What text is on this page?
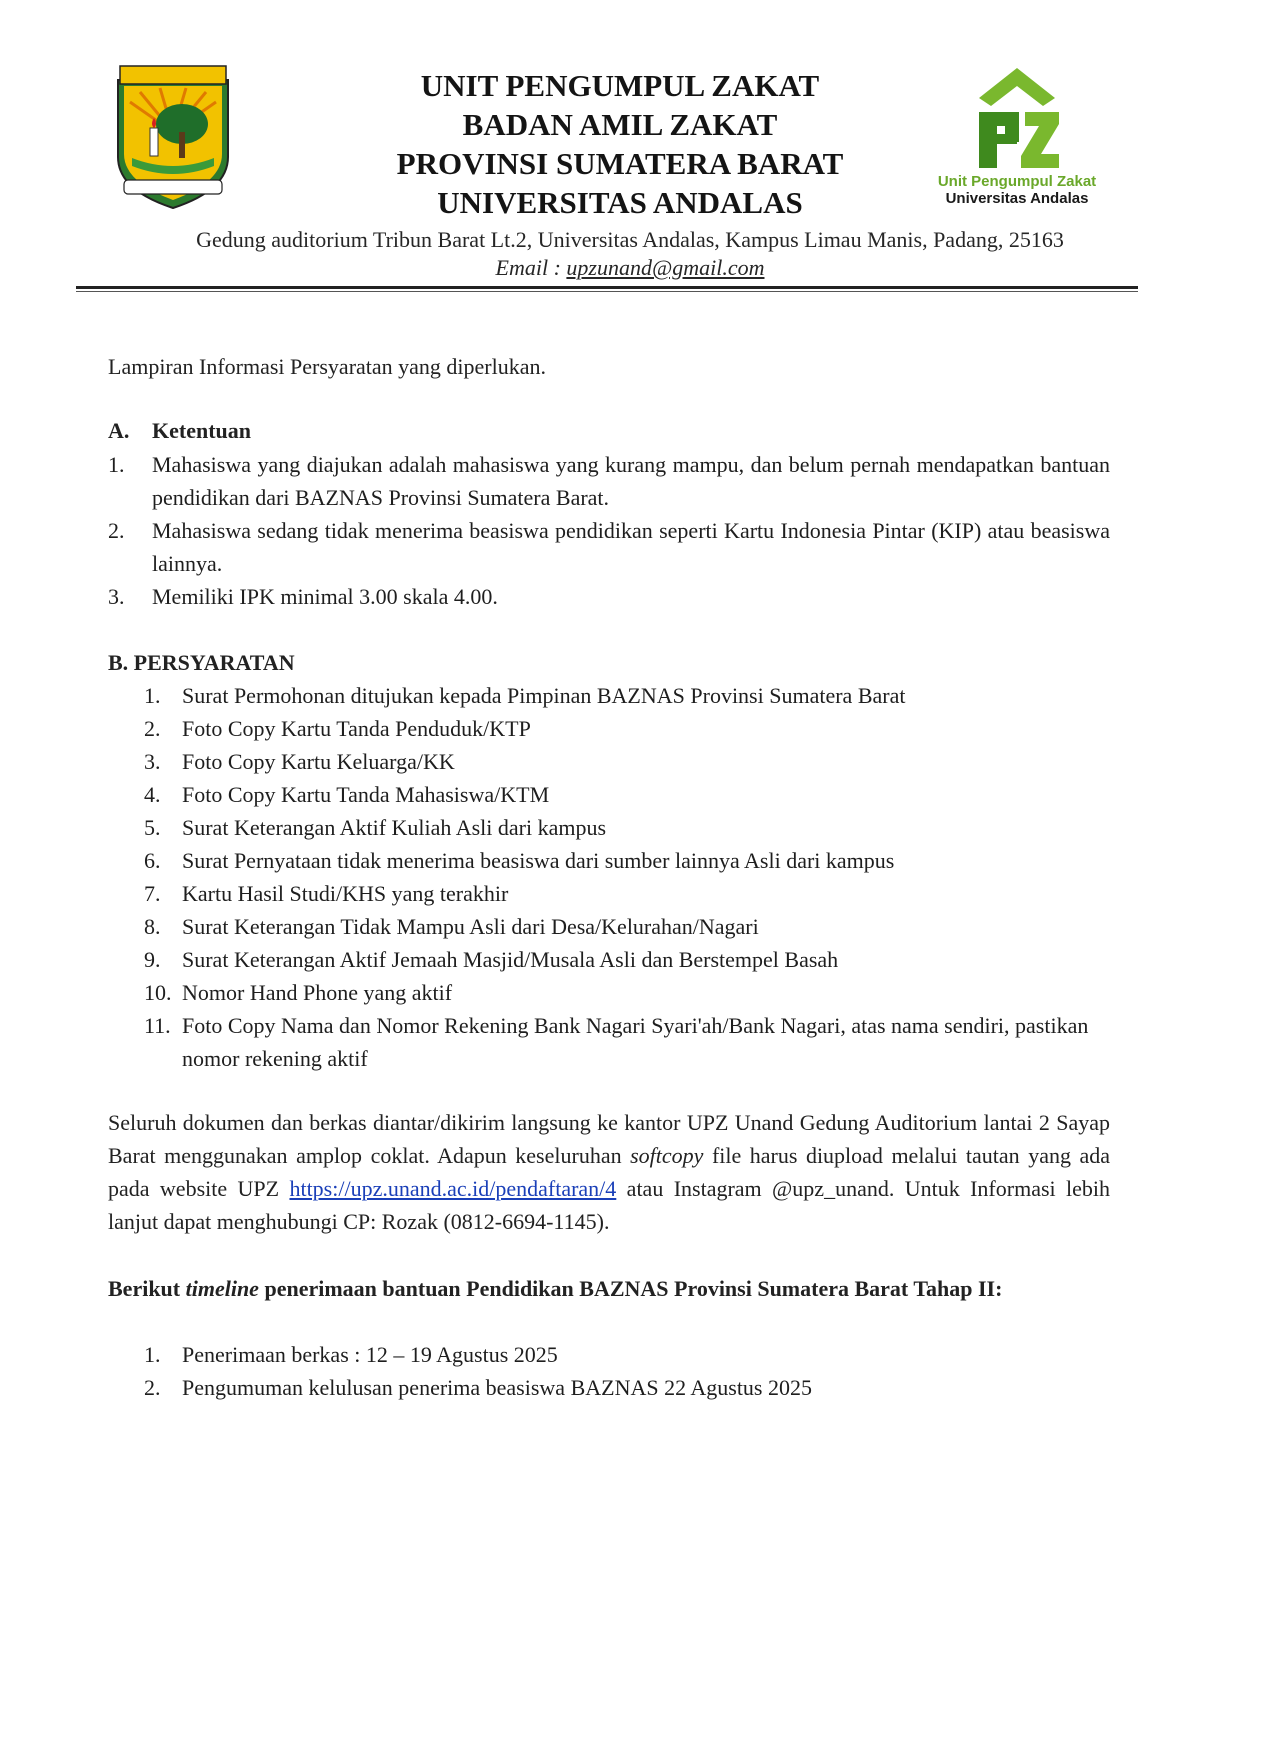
UNIT PENGUMPUL ZAKAT
BADAN AMIL ZAKAT
PROVINSI SUMATERA BARAT
UNIVERSITAS ANDALAS
Unit Pengumpul Zakat
Universitas Andalas
Gedung auditorium Tribun Barat Lt.2, Universitas Andalas, Kampus Limau Manis, Padang, 25163
Email : upzunand@gmail.com
Lampiran Informasi Persyaratan yang diperlukan.
A. Ketentuan
1.	Mahasiswa yang diajukan adalah mahasiswa yang kurang mampu, dan belum pernah mendapatkan bantuan pendidikan dari BAZNAS Provinsi Sumatera Barat.
2.	Mahasiswa sedang tidak menerima beasiswa pendidikan seperti Kartu Indonesia Pintar (KIP) atau beasiswa lainnya.
3.	Memiliki IPK minimal 3.00 skala 4.00.
B. PERSYARATAN
1. Surat Permohonan ditujukan kepada Pimpinan BAZNAS Provinsi Sumatera Barat
2. Foto Copy Kartu Tanda Penduduk/KTP
3. Foto Copy Kartu Keluarga/KK
4. Foto Copy Kartu Tanda Mahasiswa/KTM
5. Surat Keterangan Aktif Kuliah Asli dari kampus
6. Surat Pernyataan tidak menerima beasiswa dari sumber lainnya Asli dari kampus
7. Kartu Hasil Studi/KHS yang terakhir
8. Surat Keterangan Tidak Mampu Asli dari Desa/Kelurahan/Nagari
9. Surat Keterangan Aktif Jemaah Masjid/Musala Asli dan Berstempel Basah
10. Nomor Hand Phone yang aktif
11. Foto Copy Nama dan Nomor Rekening Bank Nagari Syari'ah/Bank Nagari, atas nama sendiri, pastikan nomor rekening aktif
Seluruh dokumen dan berkas diantar/dikirim langsung ke kantor UPZ Unand Gedung Auditorium lantai 2 Sayap Barat menggunakan amplop coklat. Adapun keseluruhan softcopy file harus diupload melalui tautan yang ada pada website UPZ https://upz.unand.ac.id/pendaftaran/4 atau Instagram @upz_unand. Untuk Informasi lebih lanjut dapat menghubungi CP: Rozak (0812-6694-1145).
Berikut timeline penerimaan bantuan Pendidikan BAZNAS Provinsi Sumatera Barat Tahap II:
1. Penerimaan berkas : 12 – 19 Agustus 2025
2. Pengumuman kelulusan penerima beasiswa BAZNAS 22 Agustus 2025
